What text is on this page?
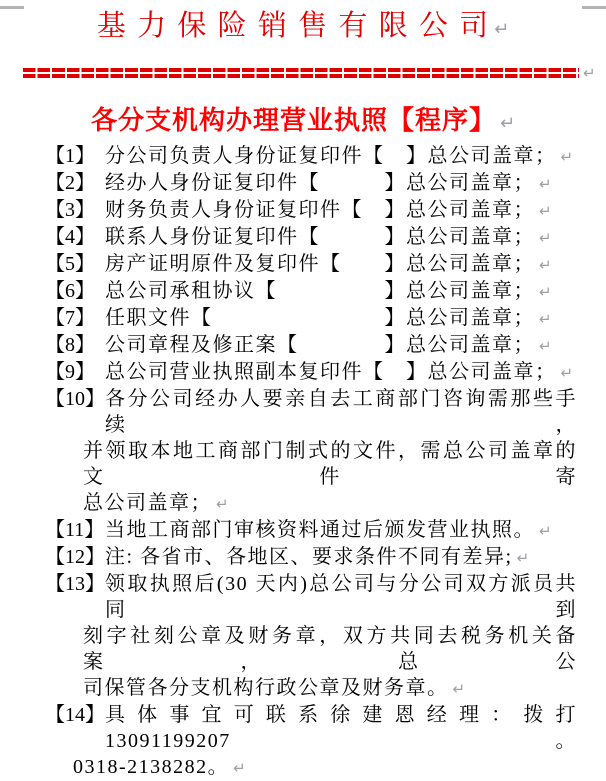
基 力 保 险 销 售 有 限 公 司 ↵
↵
各分支机构办理营业执照【程序】 ↵
【1】 分公司负责人身份证复印件【　】总公司盖章； ↵
【2】 经办人身份证复印件【　　　】总公司盖章； ↵
【3】 财务负责人身份证复印件【　】总公司盖章； ↵
【4】 联系人身份证复印件【　　　】总公司盖章； ↵
【5】 房产证明原件及复印件【　　】总公司盖章； ↵
【6】 总公司承租协议【　　　　　】总公司盖章； ↵
【7】 任职文件【　　　　　　　　】总公司盖章； ↵
【8】 公司章程及修正案【　　　　】总公司盖章； ↵
【9】 总公司营业执照副本复印件【　】总公司盖章； ↵
【10】 各分公司经办人要亲自去工商部门咨询需那些手续，
并领取本地工商部门制式的文件，需总公司盖章的文件寄
总公司盖章； ↵
【11】 当地工商部门审核资料通过后颁发营业执照。 ↵
【12】 注: 各省市、各地区、要求条件不同有差异; ↵
【13】 领取执照后(30 天内)总公司与分公司双方派员共同到
刻字社刻公章及财务章，双方共同去税务机关备案，总公
司保管各分支机构行政公章及财务章。 ↵
【14】 具体事宜可联系徐建恩经理：拨打 13091199207。
0318-2138282。 ↵
